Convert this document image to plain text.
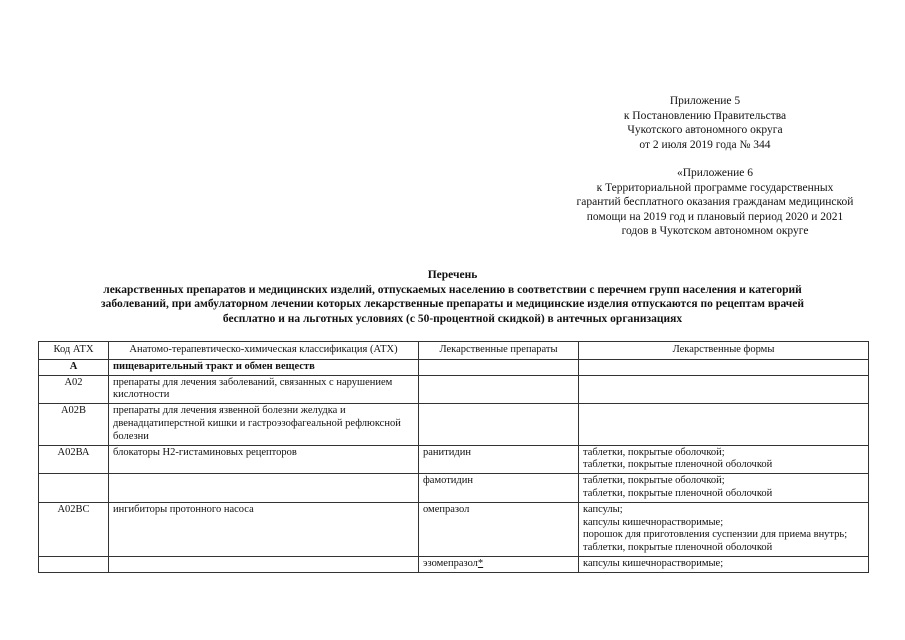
Приложение 5
к Постановлению Правительства
Чукотского автономного округа
от 2 июля 2019 года № 344
«Приложение 6
к Территориальной программе государственных
гарантий бесплатного оказания гражданам медицинской
помощи на 2019 год и плановый период 2020 и 2021
годов в Чукотском автономном округе
Перечень
лекарственных препаратов и медицинских изделий, отпускаемых населению в соответствии с перечнем групп населения и категорий
заболеваний, при амбулаторном лечении которых лекарственные препараты и медицинские изделия отпускаются по рецептам врачей
бесплатно и на льготных условиях (с 50-процентной скидкой) в антечных организациях
Код АТХ	Анатомо-терапевтическо-химическая классификация (АТХ)	Лекарственные препараты	Лекарственные формы
А	пищеварительный тракт и обмен веществ		
А02	препараты для лечения заболеваний, связанных с нарушением кислотности		
А02В	препараты для лечения язвенной болезни желудка и двенадцатиперстной кишки и гастроэзофагеальной рефлюксной болезни		
А02ВА	блокаторы Н2-гистаминовых рецепторов	ранитидин	таблетки, покрытые оболочкой;
таблетки, покрытые пленочной оболочкой

		фамотидин	таблетки, покрытые оболочкой;
таблетки, покрытые пленочной оболочкой

А02ВС	ингибиторы протонного насоса	омепразол	капсулы;
капсулы кишечнорастворимые;
порошок для приготовления суспензии для приема внутрь;
таблетки, покрытые пленочной оболочкой

		эзомепразол*	капсулы кишечнорастворимые;
